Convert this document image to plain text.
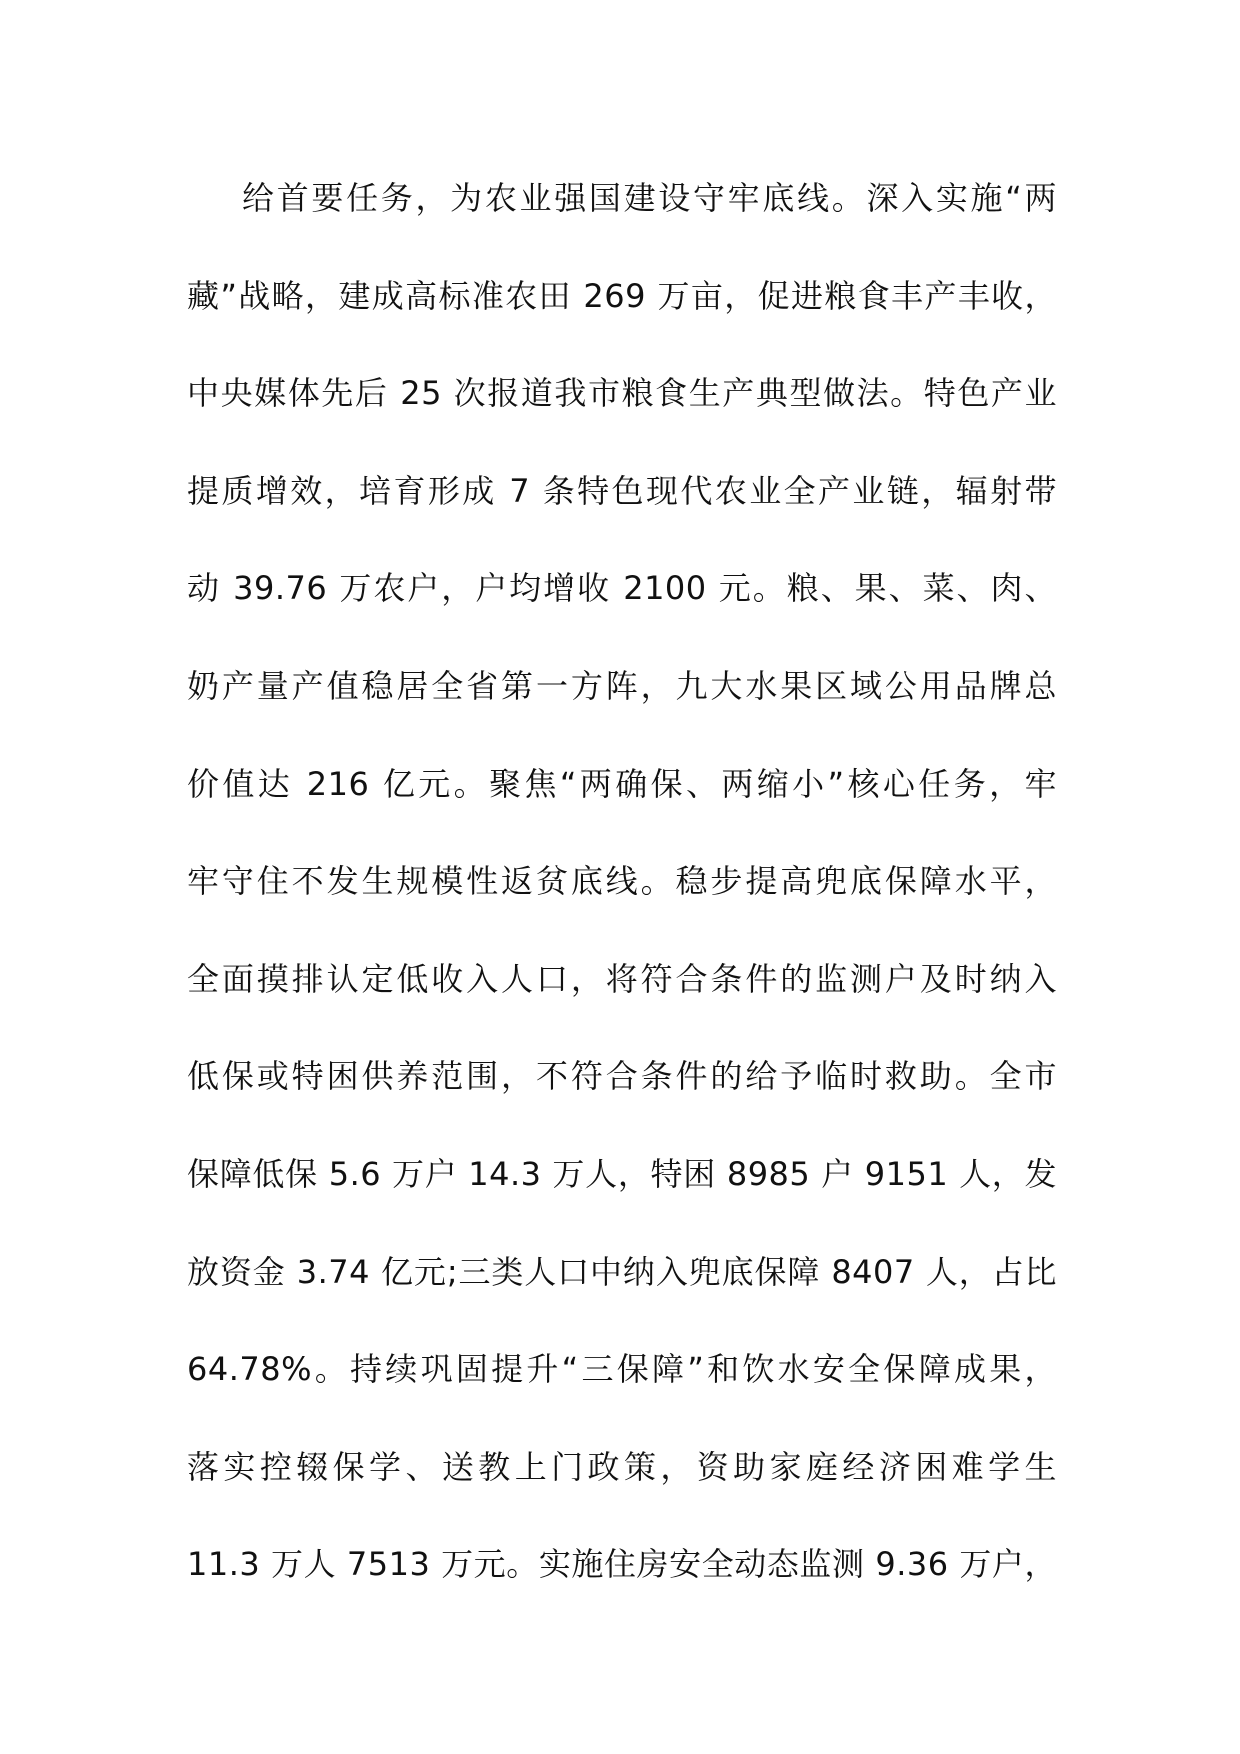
给首要任务，为农业强国建设守牢底线。深入实施“两
藏”战略，建成高标准农田 269 万亩，促进粮食丰产丰收，
中央媒体先后 25 次报道我市粮食生产典型做法。特色产业
提质增效，培育形成 7 条特色现代农业全产业链，辐射带
动 39.76 万农户，户均增收 2100 元。粮、果、菜、肉、
奶产量产值稳居全省第一方阵，九大水果区域公用品牌总
价值达 216 亿元。聚焦“两确保、两缩小”核心任务，牢
牢守住不发生规模性返贫底线。稳步提高兜底保障水平，
全面摸排认定低收入人口，将符合条件的监测户及时纳入
低保或特困供养范围，不符合条件的给予临时救助。全市
保障低保 5.6 万户 14.3 万人，特困 8985 户 9151 人，发
放资金 3.74 亿元;三类人口中纳入兜底保障 8407 人，占比
64.78%。持续巩固提升“三保障”和饮水安全保障成果，
落实控辍保学、送教上门政策，资助家庭经济困难学生
11.3 万人 7513 万元。实施住房安全动态监测 9.36 万户，
